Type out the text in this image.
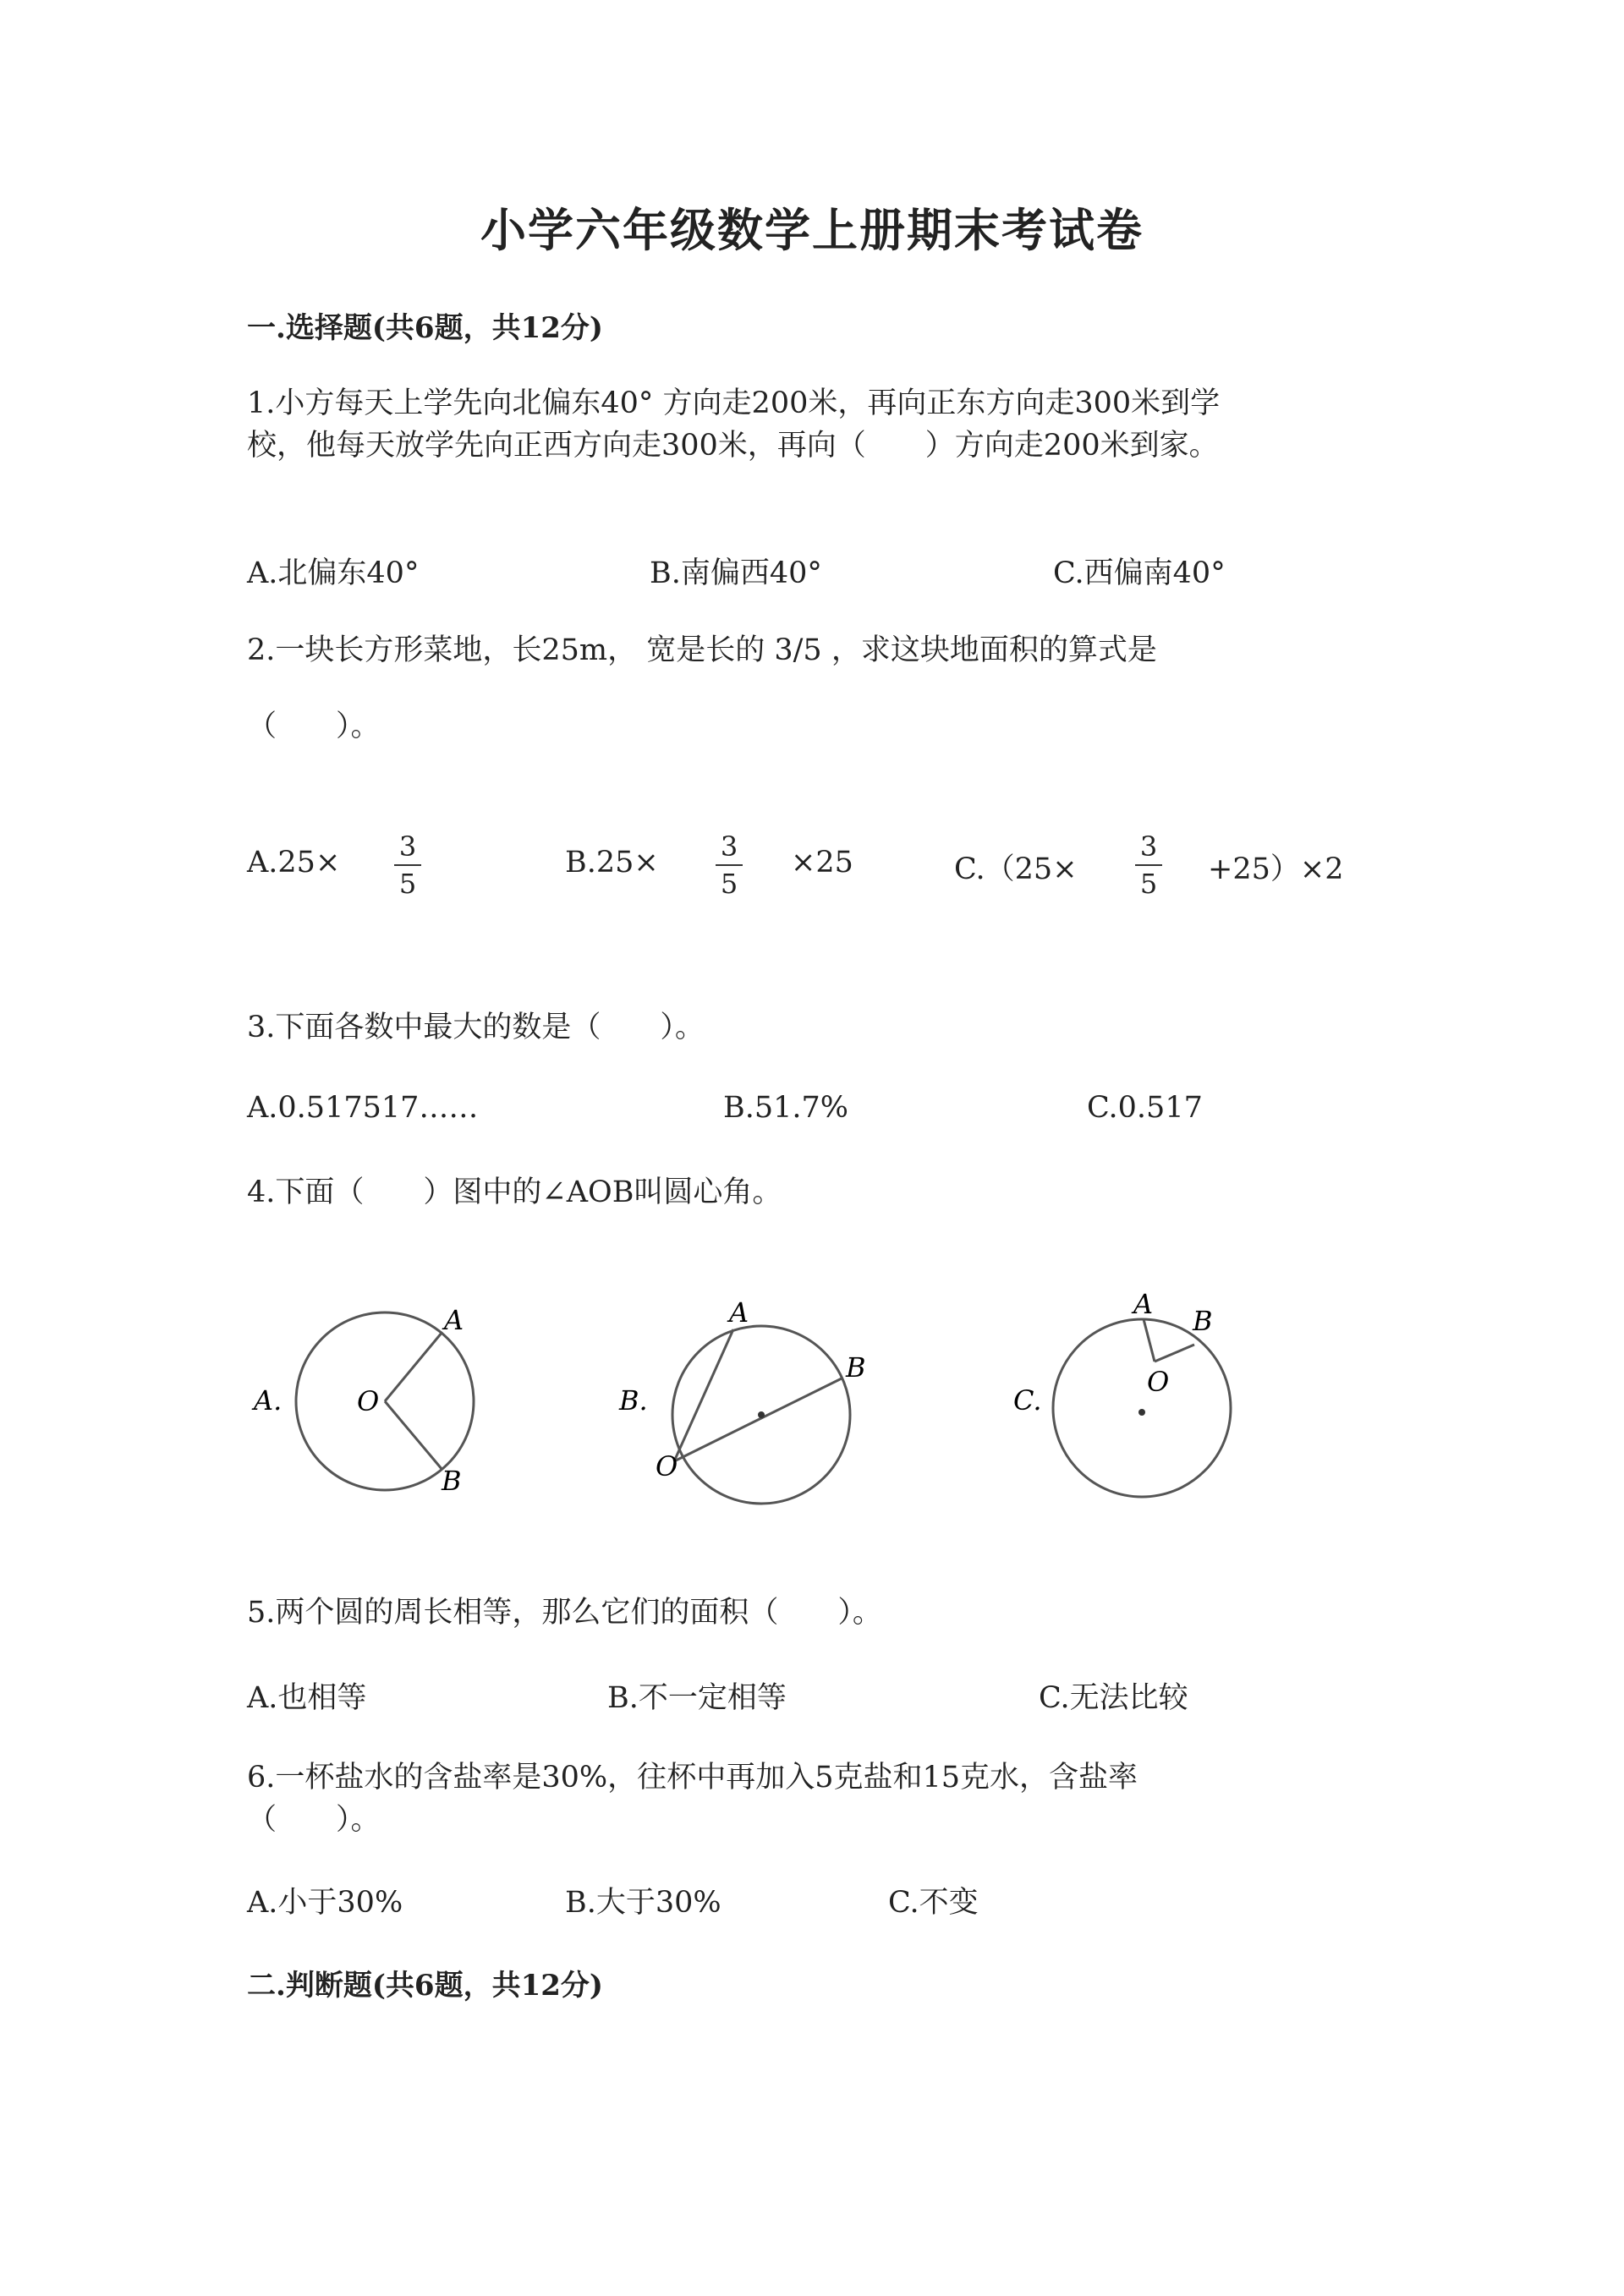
小学六年级数学上册期末考试卷
一.选择题(共6题，共12分)
1.小方每天上学先向北偏东40° 方向走200米，再向正东方向走300米到学
校，他每天放学先向正西方向走300米，再向（　　）方向走200米到家。
A.北偏东40°	B.南偏西40°	C.西偏南40°
2.一块长方形菜地，长25m， 宽是长的 3/5 ，求这块地面积的算式是
（　　）。
A.25×	3
5
B.25×	3
5
×25	C.（25×
3
5 +25）×2
3.下面各数中最大的数是（　　）。
A.0.517517……	B.51.7%	C.0.517
4.下面（　　）图中的∠AOB叫圆心角。
A.
A
O
B
B.
A
B
O
C.
A
B
O
5.两个圆的周长相等，那么它们的面积（　　）。
A.也相等	B.不一定相等	C.无法比较
6.一杯盐水的含盐率是30%，往杯中再加入5克盐和15克水，含盐率
（　　）。
A.小于30%	B.大于30%	C.不变
二.判断题(共6题，共12分)
